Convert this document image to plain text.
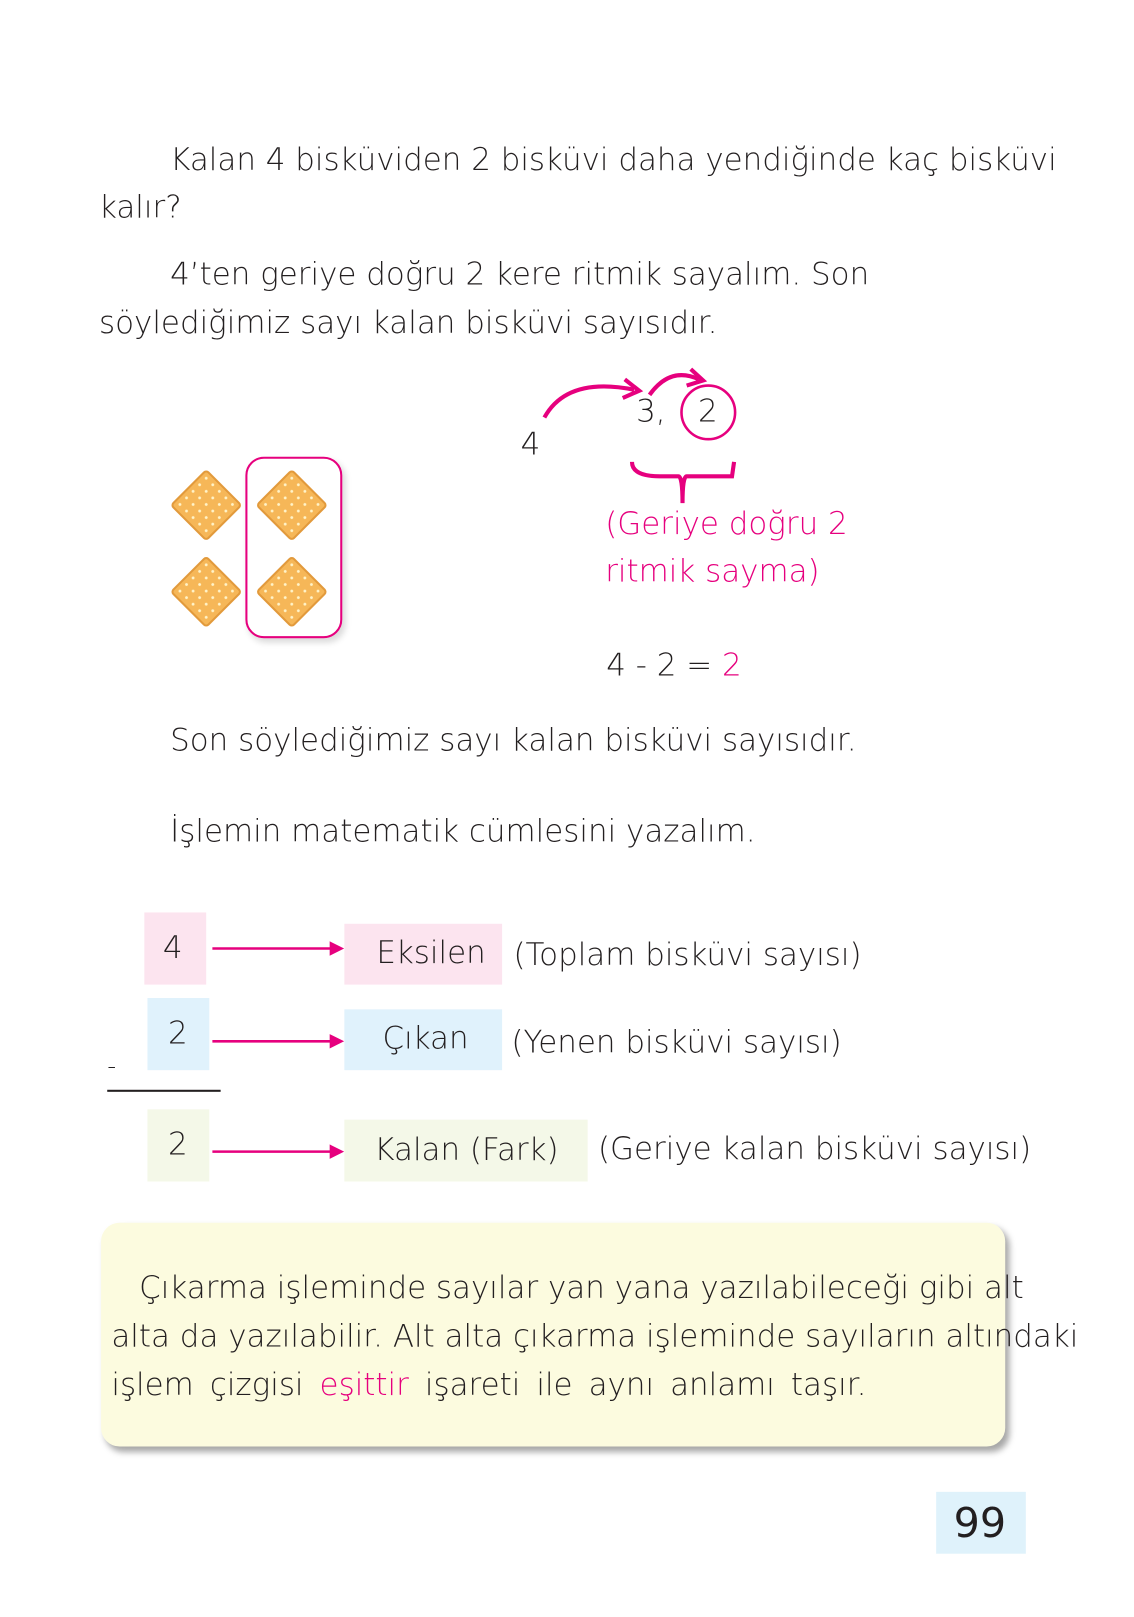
Kalan 4 bisküviden 2 bisküvi daha yendiğinde kaç bisküvi
kalır?
4’ten geriye doğru 2 kere ritmik sayalım. Son
söylediğimiz sayı kalan bisküvi sayısıdır.
4
3, 2
(Geriye doğru 2
ritmik sayma)
4 - 2 = 2
Son söylediğimiz sayı kalan bisküvi sayısıdır.
İşlemin matematik cümlesini yazalım.
4
2
2
-
Eksilen
Çıkan
Kalan (Fark)
(Toplam bisküvi sayısı)
(Yenen bisküvi sayısı)
(Geriye kalan bisküvi sayısı)
Çıkarma işleminde sayılar yan yana yazılabileceği gibi alt
alta da yazılabilir. Alt alta çıkarma işleminde sayıların altındaki
işlem çizgisi eşittir işareti ile aynı anlamı taşır.
99
